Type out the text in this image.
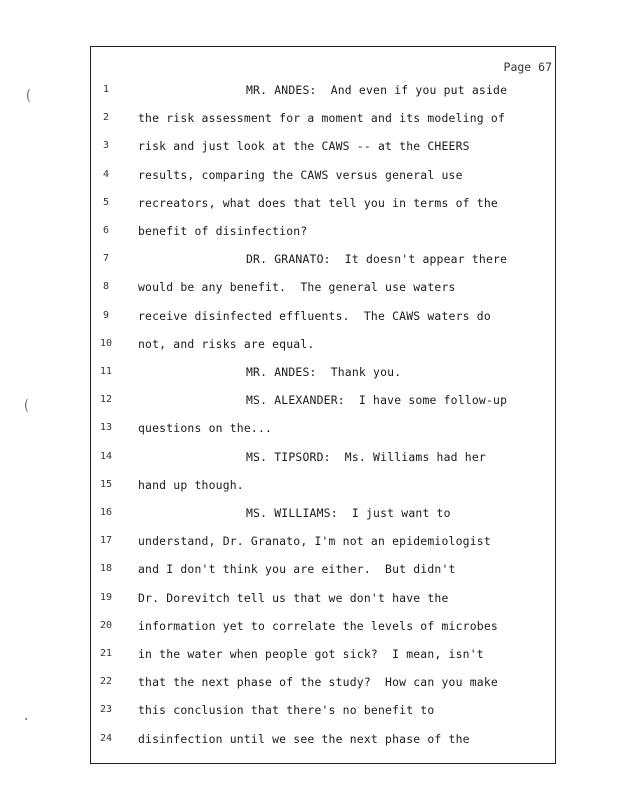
(
(
.
Page 67
1	MR. ANDES:  And even if you put aside
2	the risk assessment for a moment and its modeling of
3	risk and just look at the CAWS -- at the CHEERS
4	results, comparing the CAWS versus general use
5	recreators, what does that tell you in terms of the
6	benefit of disinfection?
7	DR. GRANATO:  It doesn't appear there
8	would be any benefit.  The general use waters
9	receive disinfected effluents.  The CAWS waters do
10 not, and risks are equal.
11	MR. ANDES:  Thank you.
12	MS. ALEXANDER:  I have some follow-up
13 questions on the...
14	MS. TIPSORD:  Ms. Williams had her
15 hand up though.
16	MS. WILLIAMS:  I just want to
17 understand, Dr. Granato, I'm not an epidemiologist
18 and I don't think you are either.  But didn't
19 Dr. Dorevitch tell us that we don't have the
20 information yet to correlate the levels of microbes
21 in the water when people got sick?  I mean, isn't
22 that the next phase of the study?  How can you make
23 this conclusion that there's no benefit to
24 disinfection until we see the next phase of the
